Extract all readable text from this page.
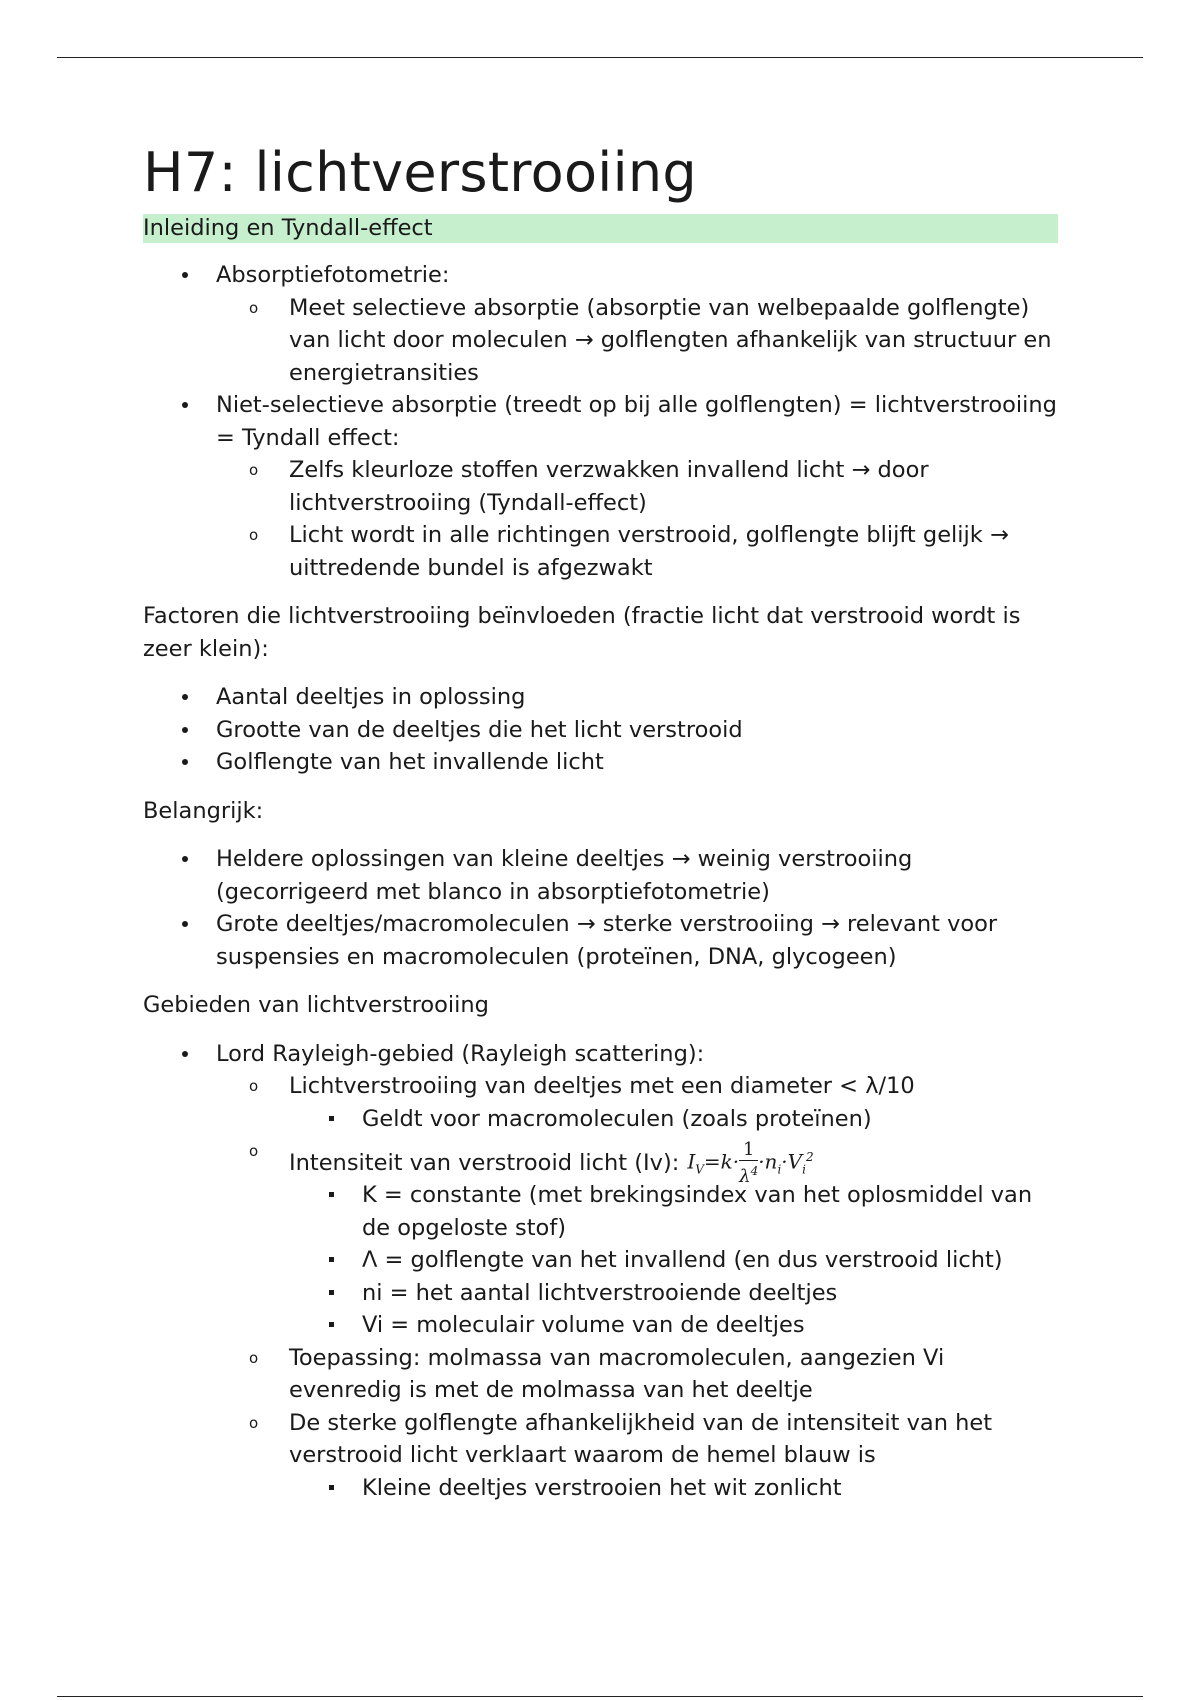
H7: lichtverstrooiing
Inleiding en Tyndall-effect
Absorptiefotometrie:
o Meet selectieve absorptie (absorptie van welbepaalde golflengte) van licht door moleculen → golflengten afhankelijk van structuur en energietransities
Niet-selectieve absorptie (treedt op bij alle golflengten) = lichtverstrooiing = Tyndall effect:
o Zelfs kleurloze stoffen verzwakken invallend licht → door lichtverstrooiing (Tyndall-effect)
o Licht wordt in alle richtingen verstrooid, golflengte blijft gelijk → uittredende bundel is afgezwakt

Factoren die lichtverstrooiing beïnvloeden (fractie licht dat verstrooid wordt is zeer klein):

Aantal deeltjes in oplossing
Grootte van de deeltjes die het licht verstrooid
Golflengte van het invallende licht

Belangrijk:

Heldere oplossingen van kleine deeltjes → weinig verstrooiing (gecorrigeerd met blanco in absorptiefotometrie)
Grote deeltjes/macromoleculen → sterke verstrooiing → relevant voor suspensies en macromoleculen (proteïnen, DNA, glycogeen)

Gebieden van lichtverstrooiing

Lord Rayleigh-gebied (Rayleigh scattering):
o Lichtverstrooiing van deeltjes met een diameter < λ/10
Geldt voor macromoleculen (zoals proteïnen)
o Intensiteit van verstrooid licht (Iv): $I_V=k\cdot \frac{1}{\lambda^4} \cdot n_i\cdot V_i^2$
K = constante (met brekingsindex van het oplosmiddel van de opgeloste stof)
Λ = golflengte van het invallend (en dus verstrooid licht)
ni = het aantal lichtverstrooiende deeltjes
Vi = moleculair volume van de deeltjes
o Toepassing: molmassa van macromoleculen, aangezien Vi evenredig is met de molmassa van het deeltje
o De sterke golflengte afhankelijkheid van de intensiteit van het verstrooid licht verklaart waarom de hemel blauw is
Kleine deeltjes verstrooien het wit zonlicht
